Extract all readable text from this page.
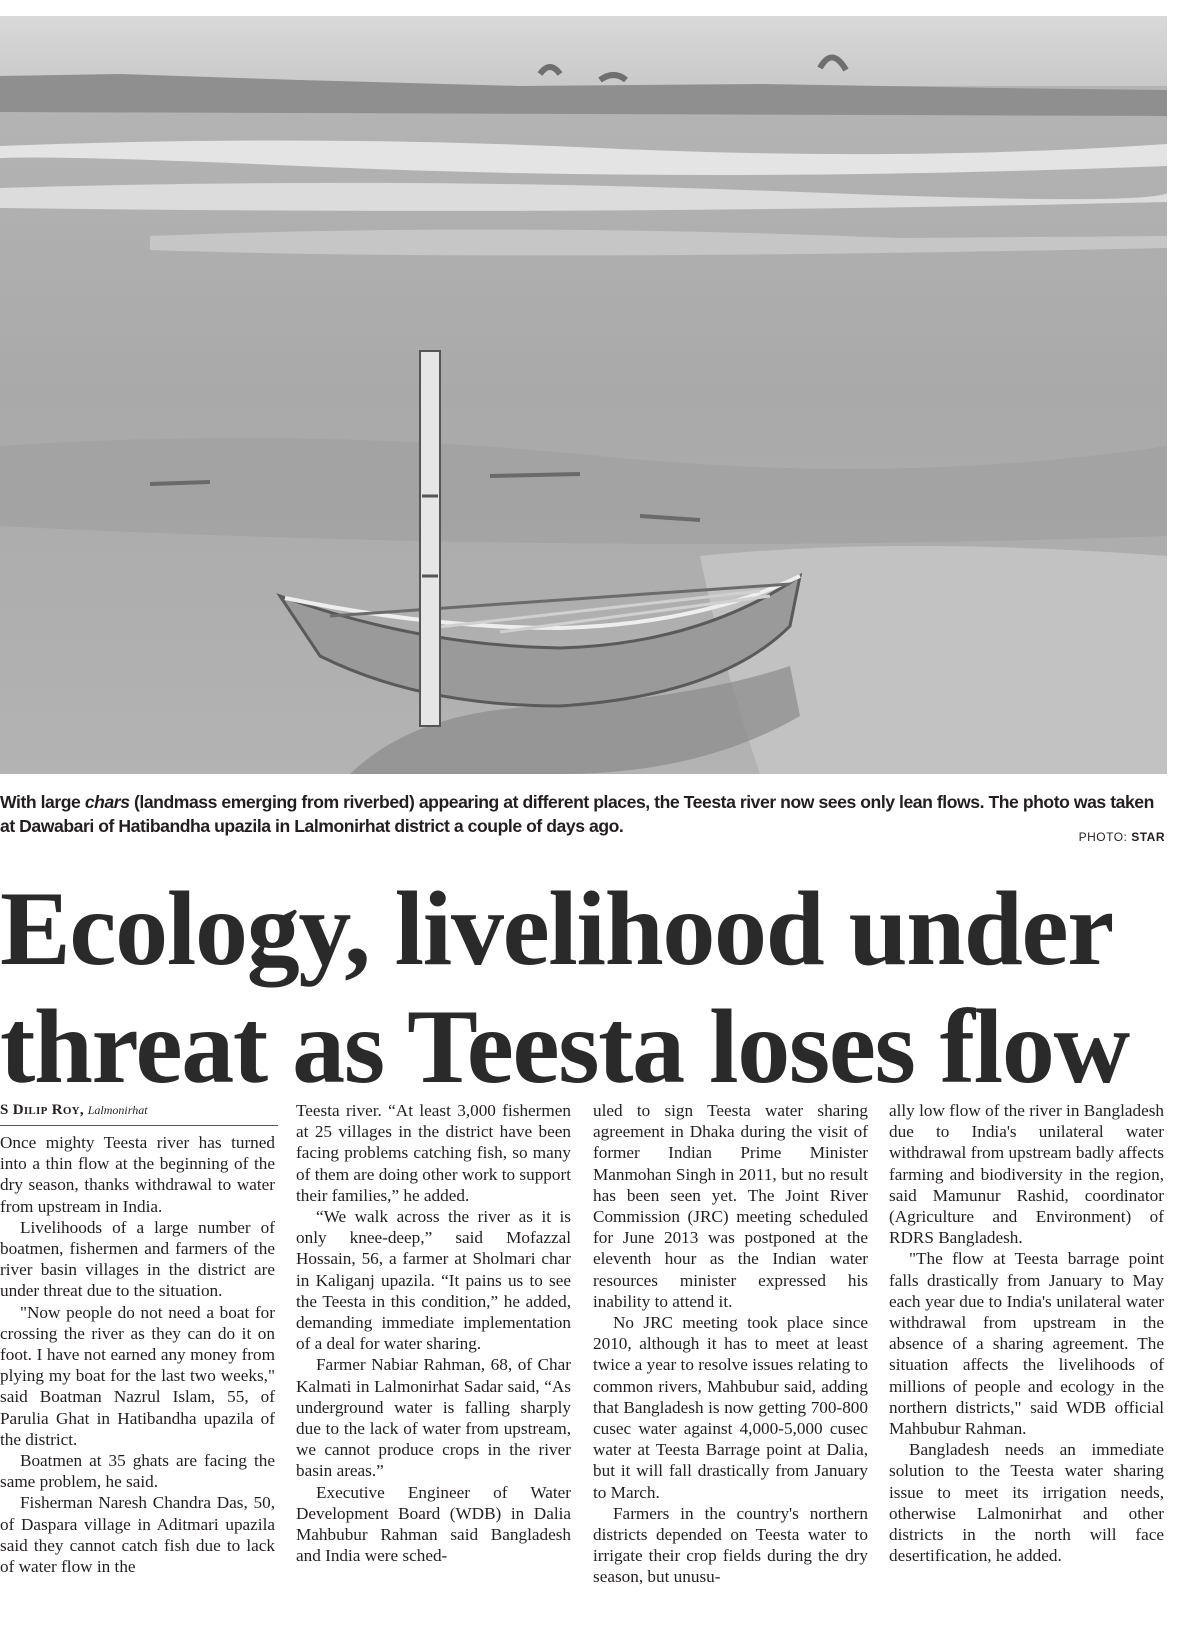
With large chars (landmass emerging from riverbed) appearing at different places, the Teesta river now sees only lean flows. The photo was taken at Dawabari of Hatibandha upazila in Lalmonirhat district a couple of days ago.
PHOTO: STAR
Ecology, livelihood under threat as Teesta loses flow
S Dilip Roy, Lalmonirhat

Once mighty Teesta river has turned into a thin flow at the beginning of the dry season, thanks withdrawal to water from upstream in India.

Livelihoods of a large number of boatmen, fishermen and farmers of the river basin villages in the district are under threat due to the situation.

"Now people do not need a boat for crossing the river as they can do it on foot. I have not earned any money from plying my boat for the last two weeks," said Boatman Nazrul Islam, 55, of Parulia Ghat in Hatibandha upazila of the district.

Boatmen at 35 ghats are facing the same problem, he said.

Fisherman Naresh Chandra Das, 50, of Daspara village in Aditmari upazila said they cannot catch fish due to lack of water flow in the

Teesta river. “At least 3,000 fishermen at 25 villages in the district have been facing problems catching fish, so many of them are doing other work to support their families,” he added.

“We walk across the river as it is only knee-deep,” said Mofazzal Hossain, 56, a farmer at Sholmari char in Kaliganj upazila. “It pains us to see the Teesta in this condition,” he added, demanding immediate implementation of a deal for water sharing.

Farmer Nabiar Rahman, 68, of Char Kalmati in Lalmonirhat Sadar said, “As underground water is falling sharply due to the lack of water from upstream, we cannot produce crops in the river basin areas.”

Executive Engineer of Water Development Board (WDB) in Dalia Mahbubur Rahman said Bangladesh and India were sched-

uled to sign Teesta water sharing agreement in Dhaka during the visit of former Indian Prime Minister Manmohan Singh in 2011, but no result has been seen yet. The Joint River Commission (JRC) meeting scheduled for June 2013 was postponed at the eleventh hour as the Indian water resources minister expressed his inability to attend it.

No JRC meeting took place since 2010, although it has to meet at least twice a year to resolve issues relating to common rivers, Mahbubur said, adding that Bangladesh is now getting 700-800 cusec water against 4,000-5,000 cusec water at Teesta Barrage point at Dalia, but it will fall drastically from January to March.

Farmers in the country's northern districts depended on Teesta water to irrigate their crop fields during the dry season, but unusu-

ally low flow of the river in Bangladesh due to India's unilateral water withdrawal from upstream badly affects farming and biodiversity in the region, said Mamunur Rashid, coordinator (Agriculture and Environment) of RDRS Bangladesh.

"The flow at Teesta barrage point falls drastically from January to May each year due to India's unilateral water withdrawal from upstream in the absence of a sharing agreement. The situation affects the livelihoods of millions of people and ecology in the northern districts," said WDB official Mahbubur Rahman.

Bangladesh needs an immediate solution to the Teesta water sharing issue to meet its irrigation needs, otherwise Lalmonirhat and other districts in the north will face desertification, he added.
